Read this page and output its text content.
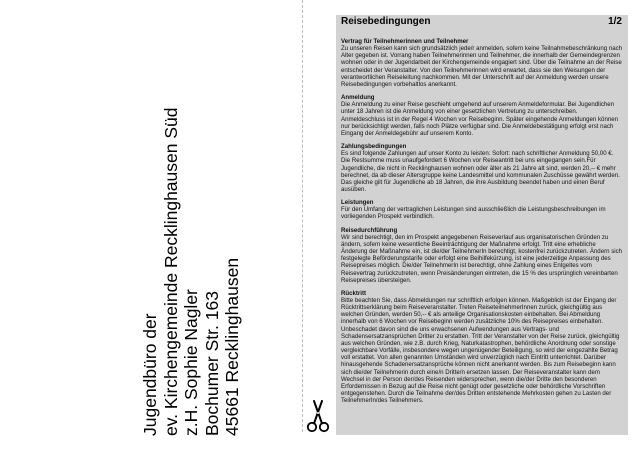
Jugendbüro der ev. Kirchengemeinde Recklinghausen Süd z.H. Sophie Nagler Bochumer Str. 163 45661 Recklinghausen
Reisebedingungen	1/2

Vertrag für Teilnehmerinnen und Teilnehmer

Zu unseren Reisen kann sich grundsätzlich jede/r anmelden, sofern keine Teilnahmebeschränkung nach Alter gegeben ist. Vorrang haben Teilnehmerinnen und Teilnehmer, die innerhalb der Gemeindegrenzen wohnen oder in der Jugendarbeit der Kirchengemeinde engagiert sind. Über die Teilnahme an der Reise entscheidet der Veranstalter. Von den Teilnehmerinnen wird erwartet, dass sie den Weisungen der verantwortlichen Reiseleitung nachkommen. Mit der Unterschrift auf der Anmeldung werden unsere Reisebedingungen vorbehaltlos anerkannt.

Anmeldung

Die Anmeldung zu einer Reise geschieht umgehend auf unserem Anmeldeformular. Bei Jugendlichen unter 18 Jahren ist die Anmeldung von einer gesetzlichen Vertretung zu unterschreiben. Anmeldeschluss ist in der Regel 4 Wochen vor Reisebeginn. Später eingehende Anmeldungen können nur berücksichtigt werden, falls noch Plätze verfügbar sind. Die Anmeldebestätigung erfolgt erst nach Eingang der Anmeldegebühr auf unserem Konto.

Zahlungsbedingungen

Es sind folgende Zahlungen auf unser Konto zu leisten: Sofort: nach schriftlicher Anmeldung 50,00 €. Die Restsumme muss unaufgefordert 6 Wochen vor Reiseantritt bei uns eingegangen sein.Für Jugendliche, die nicht in Recklinghausen wohnen oder älter als 21 Jahre alt sind, werden 20,-- € mehr berechnet, da ab dieser Altersgruppe keine Landesmittel und kommunalen Zuschüsse gewährt werden. Das gleiche gilt für Jugendliche ab 18 Jahren, die ihre Ausbildung beendet haben und einen Beruf ausüben.

Leistungen

Für den Umfang der vertraglichen Leistungen sind ausschließlich die Leistungsbeschreibungen im vorliegenden Prospekt verbindlich.

Reisedurchführung

Wir sind berechtigt, den im Prospekt angegebenen Reiseverlauf aus organisatorischen Gründen zu ändern, sofern keine wesentliche Beeinträchtigung der Maßnahme erfolgt. Tritt eine erhebliche Änderung der Maßnahme ein, ist die/der TeilnehmerIn berechtigt, kostenfrei zurückzutreten. Ändern sich festgelegte Beförderungstarife oder erfolgt eine Beihilfekürzung, ist eine jederzeitige Anpassung des Reisepreises möglich. Die/der TeilnehmerIn ist berechtigt, ohne Zahlung eines Entgeltes vom Reisevertrag zurückzutreten, wenn Preisänderungen eintreten, die 15 % des ursprünglich vereinbarten Reisepreises übersteigen.

Rücktritt

Bitte beachten Sie, dass Abmeldungen nur schriftlich erfolgen können. Maßgeblich ist der Eingang der Rücktrittserklärung beim Reiseveranstalter. Treten ReiseteilnehmerInnen zurück, gleichgültig aus welchen Gründen, werden 50,-- € als anteilige Organisationskosten einbehalten. Bei Abmeldung innerhalb von 6 Wochen vor Reisebeginn werden zusätzliche 10% des Reisepreises einbehalten. Unbeschadet davon sind die uns erwachsenen Aufwendungen aus Vertrags- und Schadensersatzansprüchen Dritter zu erstatten. Tritt der Veranstalter von der Reise zurück, gleichgültig aus welchen Gründen, wie z.B. durch Krieg, Naturkatastrophen, behördliche Anordnung oder sonstige vergleichbare Vorfälle, insbesondere wegen ungenügender Beteiligung, so wird der eingezahlte Betrag voll erstattet. Von allen genannten Umständen wird unverzüglich nach Eintritt unterrichtet. Darüber hinausgehende Schadenersatzansprüche können nicht anerkannt werden. Bis zum Reisebeginn kann sich die/der Teilnehmerin durch eine/n Dritte/n ersetzen lassen. Der Reiseveranstalter kann dem Wechsel in der Person der/des Reisenden widersprechen, wenn die/der Dritte den besonderen Erfordernissen in Bezug auf die Reise nicht genügt oder gesetzliche oder behördliche Vorschriften entgegenstehen. Durch die Teilnahme der/des Dritten entstehende Mehrkosten gehen zu Lasten der TeilnehmerIn/des Teilnehmers.
